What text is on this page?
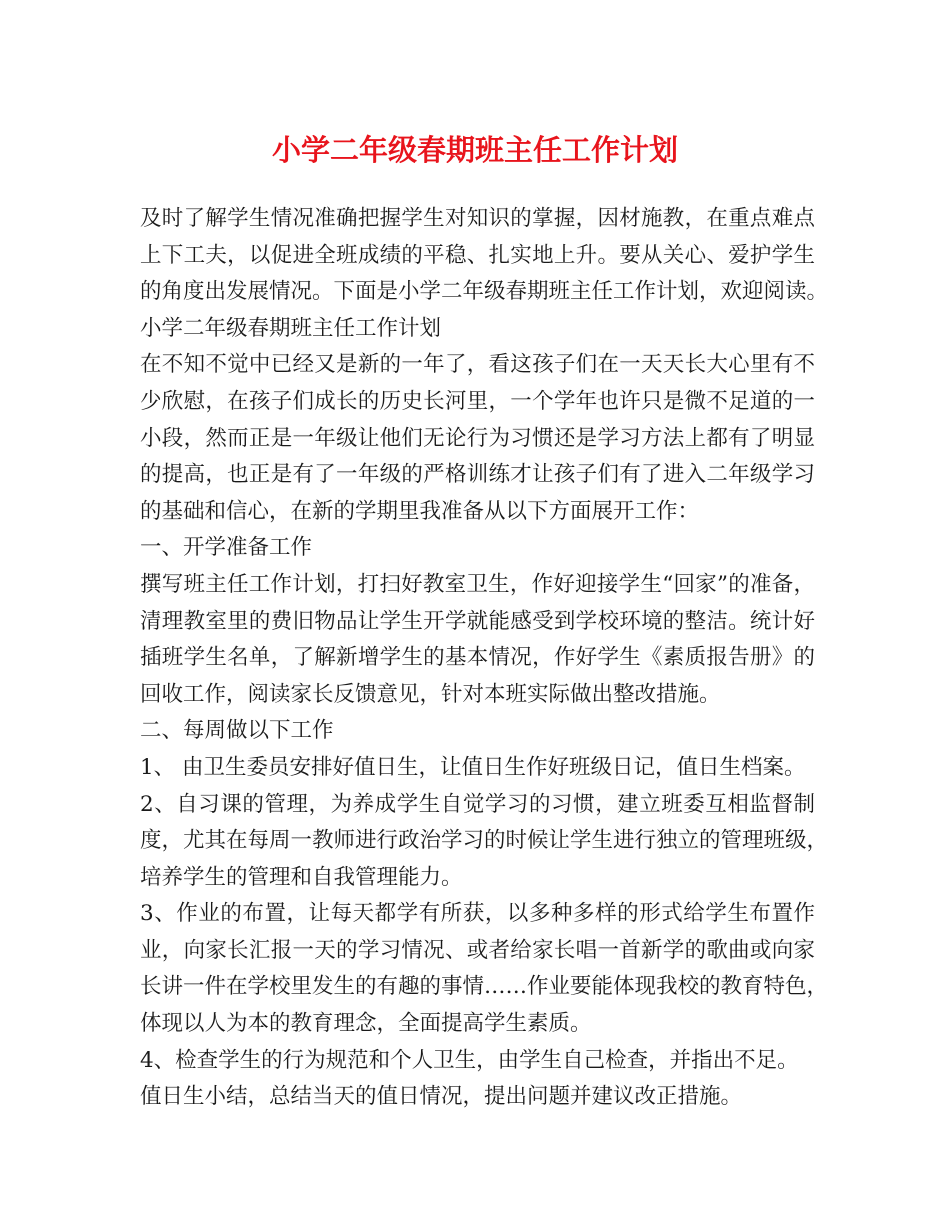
小学二年级春期班主任工作计划
及时了解学生情况准确把握学生对知识的掌握，因材施教，在重点难点
上下工夫，以促进全班成绩的平稳、扎实地上升。要从关心、爱护学生
的角度出发展情况。下面是小学二年级春期班主任工作计划，欢迎阅读。
小学二年级春期班主任工作计划
在不知不觉中已经又是新的一年了，看这孩子们在一天天长大心里有不
少欣慰，在孩子们成长的历史长河里，一个学年也许只是微不足道的一
小段，然而正是一年级让他们无论行为习惯还是学习方法上都有了明显
的提高，也正是有了一年级的严格训练才让孩子们有了进入二年级学习
的基础和信心，在新的学期里我准备从以下方面展开工作：
一、开学准备工作
撰写班主任工作计划，打扫好教室卫生，作好迎接学生“回家”的准备，
清理教室里的费旧物品让学生开学就能感受到学校环境的整洁。统计好
插班学生名单，了解新增学生的基本情况，作好学生《素质报告册》的
回收工作，阅读家长反馈意见，针对本班实际做出整改措施。
二、每周做以下工作
1、 由卫生委员安排好值日生，让值日生作好班级日记，值日生档案。
2、自习课的管理，为养成学生自觉学习的习惯，建立班委互相监督制
度，尤其在每周一教师进行政治学习的时候让学生进行独立的管理班级，
培养学生的管理和自我管理能力。
3、作业的布置，让每天都学有所获，以多种多样的形式给学生布置作
业，向家长汇报一天的学习情况、或者给家长唱一首新学的歌曲或向家
长讲一件在学校里发生的有趣的事情……作业要能体现我校的教育特色，
体现以人为本的教育理念，全面提高学生素质。
4、检查学生的行为规范和个人卫生，由学生自己检查，并指出不足。
值日生小结，总结当天的值日情况，提出问题并建议改正措施。
